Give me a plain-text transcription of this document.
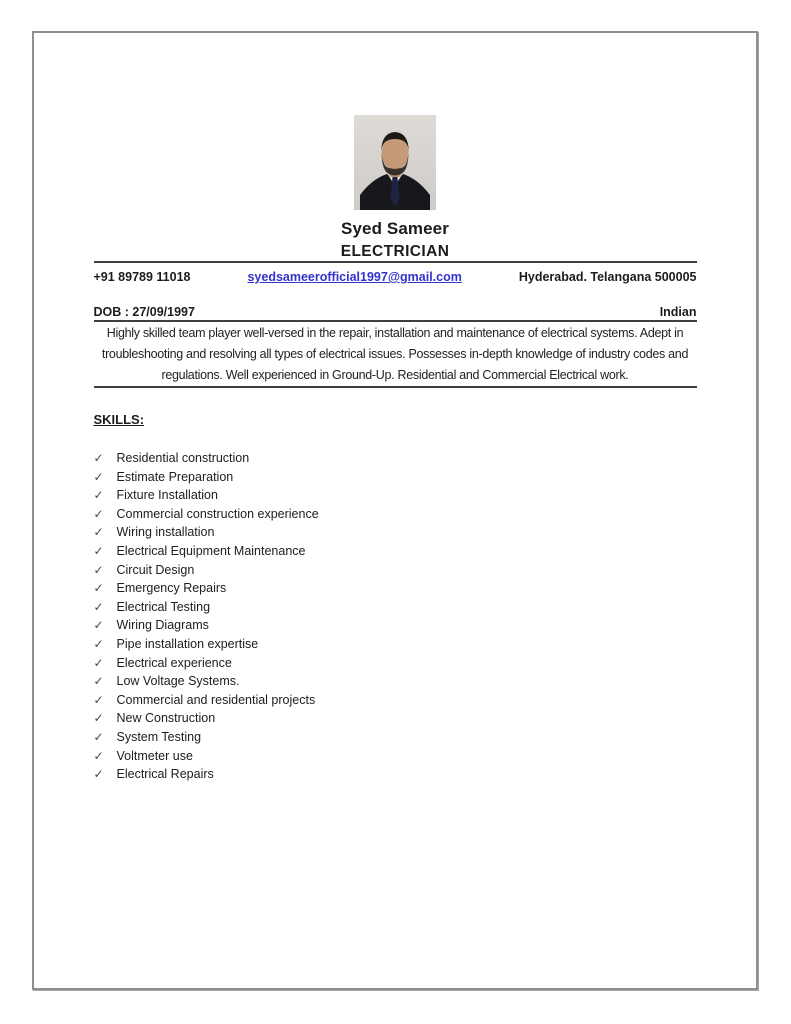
Syed Sameer
ELECTRICIAN
+91 89789 11018	syedsameerofficial1997@gmail.com	Hyderabad. Telangana 500005
DOB : 27/09/1997	Indian

Highly skilled team player well-versed in the repair, installation and maintenance of electrical systems. Adept in troubleshooting and resolving all types of electrical issues. Possesses in-depth knowledge of industry codes and regulations. Well experienced in Ground-Up. Residential and Commercial Electrical work.

SKILLS:
✓	Residential construction
✓	Estimate Preparation
✓	Fixture Installation
✓	Commercial construction experience
✓	Wiring installation
✓	Electrical Equipment Maintenance
✓	Circuit Design
✓	Emergency Repairs
✓	Electrical Testing
✓	Wiring Diagrams
✓	Pipe installation expertise
✓	Electrical experience
✓	Low Voltage Systems.
✓	Commercial and residential projects
✓	New Construction
✓	System Testing
✓	Voltmeter use
✓	Electrical Repairs
